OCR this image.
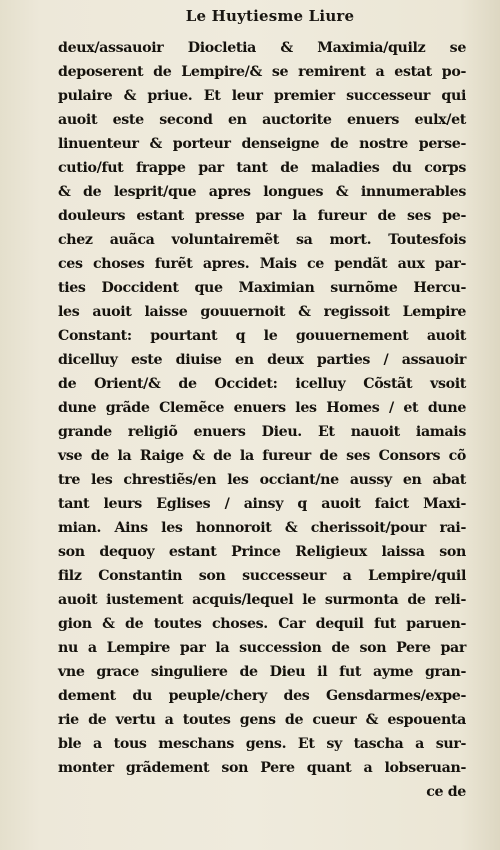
Le Huytiesme Liure
deux/assauoir Diocletia & Maximia/quilz se
deposerent de Lempire/& se remirent a estat po-
pulaire & priue. Et leur premier successeur qui
auoit este second en auctorite enuers eulx/et
linuenteur & porteur denseigne de nostre perse-
cutio/fut frappe par tant de maladies du corps
& de lesprit/que apres longues & innumerables
douleurs estant presse par la fureur de ses pe-
chez auãca voluntairemẽt sa mort. Toutesfois
ces choses furẽt apres. Mais ce pendãt aux par-
ties Doccident que Maximian surnõme Hercu-
les auoit laisse gouuernoit & regissoit Lempire
Constant: pourtant q le gouuernement auoit
dicelluy este diuise en deux parties / assauoir
de Orient/& de Occidet: icelluy Cõstãt vsoit
dune grãde Clemẽce enuers les Homes / et dune
grande religiõ enuers Dieu. Et nauoit iamais
vse de la Raige & de la fureur de ses Consors cõ
tre les chrestiẽs/en les occiant/ne aussy en abat
tant leurs Eglises / ainsy q auoit faict Maxi-
mian. Ains les honnoroit & cherissoit/pour rai-
son dequoy estant Prince Religieux laissa son
filz Constantin son successeur a Lempire/quil
auoit iustement acquis/lequel le surmonta de reli-
gion & de toutes choses. Car dequil fut paruen-
nu a Lempire par la succession de son Pere par
vne grace singuliere de Dieu il fut ayme gran-
dement du peuple/chery des Gensdarmes/expe-
rie de vertu a toutes gens de cueur & espouenta
ble a tous meschans gens. Et sy tascha a sur-
monter grãdement son Pere quant a lobseruan-
ce de
